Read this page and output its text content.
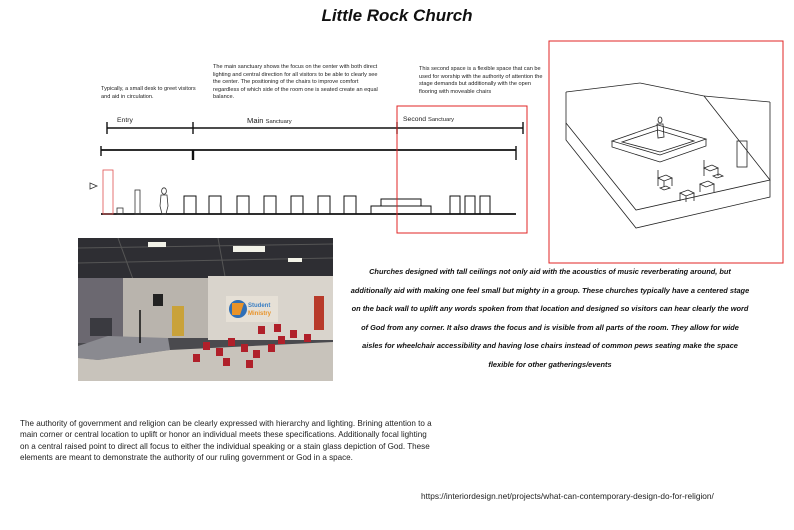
Little Rock Church
Typically, a small desk to greet visitors and aid in circulation.
The main sanctuary shows the focus on the center with both direct lighting and central direction for all visitors to be able to clearly see the center. The positioning of the chairs to improve comfort regardless of which side of the room one is seated create an equal balance.
This second space is a flexible space that can be used for worship with the authority of attention the stage demands but additionally with the open flooring with moveable chairs
Entry	Main Sanctuary	Second Sanctuary
Student
Ministry
Churches designed with tall ceilings not only aid with the acoustics of music reverberating around, but additionally aid with making one feel small but mighty in a group. These churches typically have a centered stage on the back wall to uplift any words spoken from that location and designed so visitors can hear clearly the word of God from any corner. It also draws the focus and is visible from all parts of the room. They allow for wide aisles for wheelchair accessibility and having lose chairs instead of common pews seating make the space flexible for other gatherings/events
The authority of government and religion can be clearly expressed with hierarchy and lighting. Brining attention to a main corner or central location to uplift or honor an individual meets these specifications. Additionally focal lighting on a central raised point to direct all focus to either the individual speaking or a stain glass depiction of God. These elements are meant to demonstrate the authority of our ruling government or God in a space.
https://interiordesign.net/projects/what-can-contemporary-design-do-for-religion/
